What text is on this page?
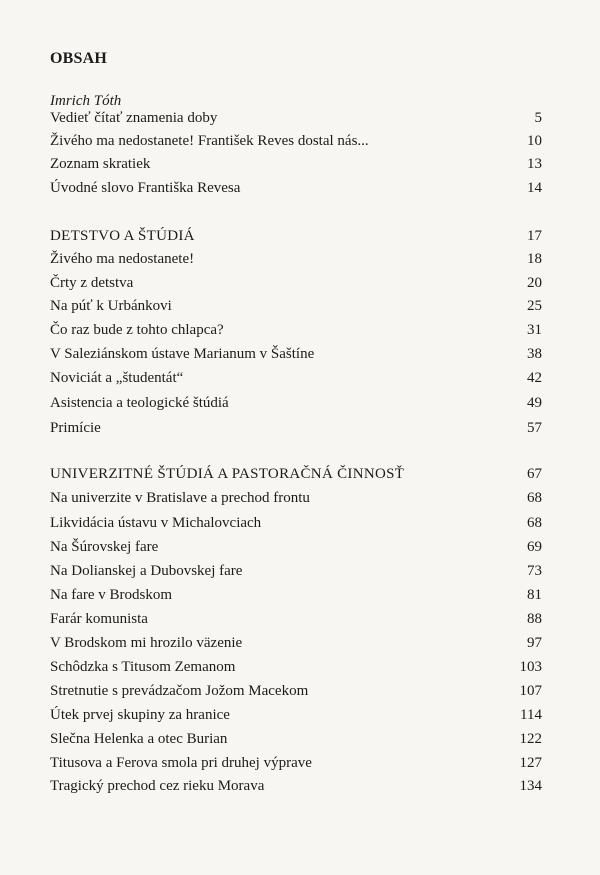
OBSAH
Imrich Tóth
Vedieť čítať znamenia doby	5
Živého ma nedostanete! František Reves dostal nás...	10
Zoznam skratiek	13
Úvodné slovo Františka Revesa	14
DETSTVO A ŠTÚDIÁ	17
Živého ma nedostanete!	18
Črty z detstva	20
Na púť k Urbánkovi	25
Čo raz bude z tohto chlapca?	31
V Saleziánskom ústave Marianum v Šaštíne	38
Noviciát a „študentát“	42
Asistencia a teologické štúdiá	49
Primície	57
UNIVERZITNÉ ŠTÚDIÁ A PASTORAČNÁ ČINNOSŤ	67
Na univerzite v Bratislave a prechod frontu	68
Likvidácia ústavu v Michalovciach	68
Na Šúrovskej fare	69
Na Dolianskej a Dubovskej fare	73
Na fare v Brodskom	81
Farár komunista	88
V Brodskom mi hrozilo väzenie	97
Schôdzka s Titusom Zemanom	103
Stretnutie s prevádzačom Jožom Macekom	107
Útek prvej skupiny za hranice	114
Slečna Helenka a otec Burian	122
Titusova a Ferova smola pri druhej výprave	127
Tragický prechod cez rieku Morava	134
